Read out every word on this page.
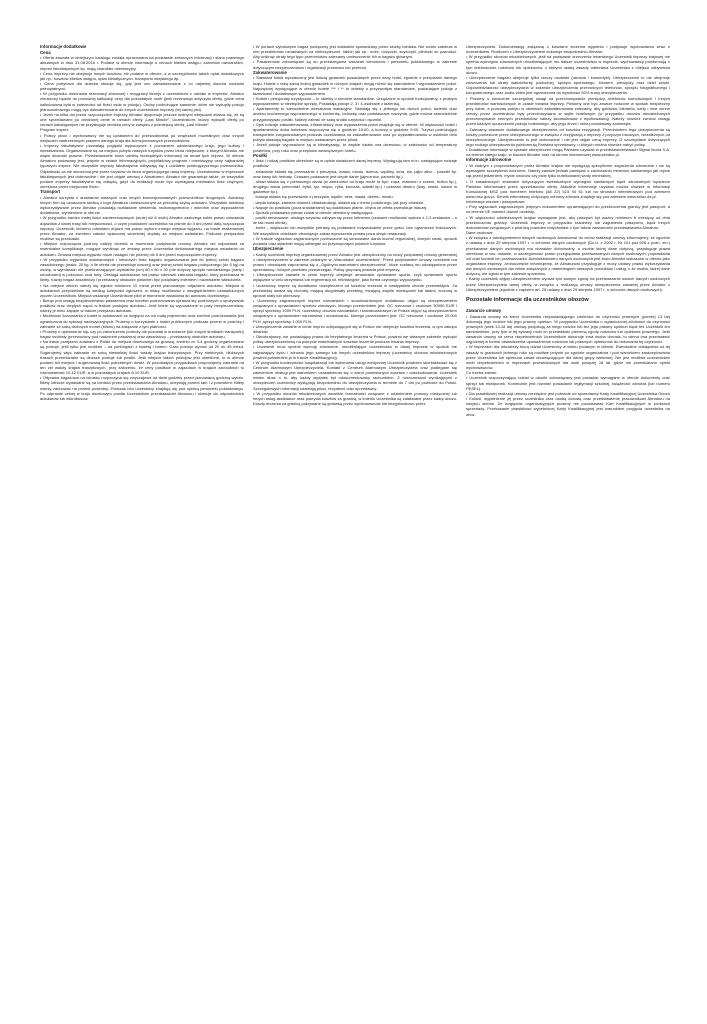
Informacje dodatkowe
Cena

• Oferta zawarta w niniejszym katalogu została opracowana na podstawie zebranych informacji i stanu prawnego aktualnych w dniu 31.08.2016 r. Podane w ofercie informacje o cenach biletów wstępu, karnetów narciarskich, imprez fakultatywnych itp. mają charakter orientacyjny.

• Cena imprezy nie obejmuje innych kosztów, niż podane w ofercie, a w szczególności takich opłat dodatkowych jak np.: kosztów biletów wstępu, opłat klimatycznych, transportu miejskiego itp.

• Cena pobytowa dla dziecka stosuje się, gdy jest ono zakwaterowane z co najmniej dwoma osobami pełnopłatnymi.

• W przypadku dokonania rezerwacji zbiorowej i rezygnacji którejś z uczestników z udziału w imprezie, Almatur zmuszony będzie do ponownej kalkulacji ceny dla pozostałych osób (jeśli rezerwacja dotyczyła oferty, gdzie cena kalkulowana była w zależności od ilości osób w pokoju). Osoby podróżujące samotnie, które nie wykupiły pokoju jednoosobowego mogą być dokwaterowane do innych uczestników imprezy (tej samej płci).

• Jeżeli na kilka dni przed rozpoczęciem imprezy Almatur dysponuje jeszcze wolnymi miejscami zdarza się, że są one sprzedawane po obniżonej cenie w ramach oferty „Last Minute”. Uczestnikom, którzy wykupili ofertę po cenach katalogowych nie przysługuje obniżka ceny w związku z późniejszą ofertą „Last Minute”.

Program imprez

• Polscy piloci i wychowawcy nie są uprawnieni do przewodnictwa po wnętrzach muzealnych oraz innych miejscach zastrzeżonych prawem danego kraju dla licencjonowanych przewodników.

• Imprezy fakultatywne pozwalają pogłębić wypoczynek z poznaniem odwiedzanego kraju, jego kultury i mieszkańców. Organizowane są na miejscu pobytu naszych turystów przez biura miejscowe, z którymi Almatur nie wiąże stosunki prawne. Przedstawiciele biura udzielą niezbędnych informacji na temat tych imprez. W ofercie Almaturu podawany jest, jedynie w celach informacyjnych, przykładowy program i orientacyjny ceny najbardziej typowych imprez. Nie wszystkie imprezy fakultatywne odbywają się z udziałem polskojęzycznego przewodnika. Odpłatność za nie wnoszona jest przez turystów do biura organizującego daną imprezę. Uczestnictwo w imprezach fakultatywnych jest dobrowolne i nie jest objęte umową z Almaturem. Almatur nie gwarantuje także, że wszystkie podane imprezy fakultatywne się odbędą, gdyż do realizacji może być wymagana minimalna ilość chętnych, określona przez miejscowe Biuro.

Transport

• Almatur korzysta z autokarów własnych oraz innych koncesjonowanych przewoźników drogowych. Autokary innych firm są oznaczone tablicą z logo Almaturu umieszczonym za przednią szybą autokaru. Wszystkie autokary wykorzystywane przez Almatur posiadają rozkładane siedzenia, radiomagnetofon i mikrofon oraz wyposażenie dodatkowe, wymienione w ofercie.

• W przypadku bardzo małej ilości zainteresowanych (mniej niż 6 osób) Almatur zastrzega sobie prawo odwołania dojazdów z danej trasy lub miejscowości, o czym powiadomi uczestnika na piśmie do 4 dni przed datą rozpoczęcia imprezy. Uczestnik, któremu odwołano dojazd ma prawo wyboru innego miejsca wyjazdu, na trasie realizowanej przez Almatur, za zwrotem całości wpłaconej wcześniej dopłaty za miejsce wsiadania. Podczas przejazdów możliwe są przesiadki.

• Miejsce rozpoczęcia podróży należy określić w momencie podpisania umowy. Almatur nie odpowiada za ewentualne komplikacje, mogące wyniknąć ze zmiany przez Uczestnika deklarowanego miejsca wsiadania do autokaru. Zmiana miejsca wyjazdu może nastąpić nie później niż 8 dni przed rozpoczęciem imprezy.

• W przypadku wyjazdów autokarowych i lotniczych ilość bagażu organizowana jest do jednej sztuki bagażu zasadniczego (maks. 20 kg, o ile oferta nie przewiduje inaczej) oraz jednej sztuki bagażu podręcznego (do 5 kg) na osobę, w wymiarach nie przekraczających wymiarów (cm) 80 x 50 x 30 (nie dotyczy sprzętu narciarskiego (narty i snowboard) w pokrowcu oraz buty. Obsługa autokarowe ma prawo odmówić zabrania bagażu, który przekracza te limity. Każdy bagaż zasadniczy i przekazany obsłudze powinien być podpisany imieniem i nazwiskiem właściciela.

• Na miejsce zbiórki należy się zgłosić minimum 10 minut przed planowanym odjazdem autokaru. Miejsca w autokarach przydzielane są według kolejności zgłoszeń, w miarę możliwości z uwzględnieniem uzasadnionych życzeń Uczestników. Miejsca wskazuje Uczestnikom pilot w momencie wsiadania do autokaru docelowego.

• Biorąc pod uwagę bezpieczeństwo pasażerów oraz komfort podróżowania uprasza się podróżnych o spożywanie posiłków oraz ciepłych napoi w trakcie postojów autokaru. Jeśli fotele są wyposażone w pasy bezpieczeństwa, należy je mieć zapięte w trakcie przejazdu autokaru.

• Możliwość korzystania z toalet w autokarach ze względu na ich małą pojemność oraz komfort podróżowania jest ograniczona do sytuacji nadzwyczajnych. Prosimy o korzystanie z toalet publicznych podczas przerw w podróży i zabranie ze sobą drobnych monet (bilonu) na związane z tym płatności.

• Prosimy o upewnienie się, czy po zakończeniu podróży nie pozostał w autokarze (lub innych środkach transportu) bagaż osobisty (przewożony pod nadzorem pasażera) oraz zasadniczy – przekazany obsłudze autokaru.

• Na trasie przejazdu autokaru z Polski do miejsca docelowego za granicą, średnio co 3-4 godziny organizowane są postoje, jeśli tylko jest możliwe – na parkingach z toaletą i barem. Czas postoju wynosi od 20 do 45 minut. Sugerujemy więc zabranie ze sobą niewielkiej ilości waluty krajów tranzytowych. Przy niektórych, dłuższych trasach przewidziane są dłuższe postoje lub posiłki. Jeśli miejsce takich postojów jest określone, to w ofercie podano ich miejsce i sugerowaną ilość potrzebnych dewiz. W pozostałych przypadkach proponujemy zabranie na ten cel waluty krajów tranzytowych, przy założeniu, że ceny posiłków w zajazdach w krajach zachodnich to równowartość 10-12 EUR, a w pozostałych krajach 8-10 EUR.

• Odprawa bagażowa na lotnisku rozpoczyna się zwyczajowo na dwie godziny przed planowaną godziną wylotu. Bilety lotnicze wydawane są na lotnisku przez przedstawiciela Almaturu, obejmują przelot tam i z powrotem. Bilety należy zachować na przelot powrotny. Podczas lotu uczestnicy znajdują się pod opieką personelu pokładowego. Po odprawie celnej w kraju docelowym powita Uczestników przedstawiciel Almaturu i skieruje do odpowiednich autokarów lub mikrobusów.

• W portach wylotowych bagaż podręczny jest dokładnie sprawdzany przez służby lotniska. Nie wolno zabierać w nim przedmiotów uznawanych za niebezpieczne, takich jak np.: noże, nożyczki, scyzoryki, pilniczki do paznokci. Aby uniknąć utraty tego typu przedmiotów zalecamy umieszczenie ich w bagażu głównym.

• Pasażerowie zobowiązani są do przestrzegania wskazań kierowców i personelu pokładowego w zakresie dotyczącym bezpieczeństwa i organizacji przewozu lub przelotu.

Zakwaterowanie

• Standard hoteli wyznaczony jest ilością gwiazdek posiadanych przez dany hotel, zgodnie z przepisami danego kraju. Hotele z taką samą liczbą gwiazdek w różnych krajach mogą różnić się standardem i wyposażeniem pokoi. Najczęściej występujące w ofercie hotele *** i ** to obiekty o przyzwoitym standardzie, posiadające pokoje z łazienkami i dodatkowym wyposażeniem.

• Hotele i pensjonaty turystyczne – to obiekty o średnim standardzie. Urządzone w sposób funkcjonalny, z prostym wyposażeniem w niezbędne sprzęty. Posiadają pokoje 2, 3 i 4-osobowe z łazienką.

• Apartamenty to samodzielne mieszkania wakacyjne. Składają się z jednego lub dwóch pokoi, łazienki oraz aneksu kuchennego wyposażonego w kuchenkę, lodówkę oraz podstawowe naczynia, gdzie można samodzielnie przygotowywać posiłki. Należy zabrać ze sobą środki czystości i ręczniki.

• Opis rodzaju zakwaterowania, infrastruktury oraz wyposażenia pokoi znajduje się w ofercie. W większości hoteli i apartamentów doba hotelowa rozpoczyna się o godzinie 15:00, a kończy o godzinie 9:00. Turyści podróżujący transportem zorganizowanym podczas oczekiwania na zakwaterowanie oraz po wykwaterowaniu w ostatnim dniu pobytu składają bagaże w miejscu wskazanym przez pilota.

• Jeżeli pokoje wyposażone są w klimatyzację, to zwykle działa ona okresowo, w zależności od temperatury powietrza, pory roku oraz przepisów wewnętrznych hotelu.

Posiłki

• Ilość i rodzaj posiłków określone są w opisie świadczeń danej imprezy. Występują tam m.in. następujące rodzaje posiłków:

- śniadanie składa się przeważnie z pieczywa, masła, miodu, dżemu, wędliny, sera, ew. jajko albo – pasztet itp. oraz kawy lub herbaty. Czasami podawane jest ciepłe danie (jajecznica, parówki itp.).

- obiad składa się z pierwszego dania (w zależności od kraju może to być: zupa, makaron z sosem, bulion itp.), drugiego dania (ziemniaki, frytki, ryż, mięso, ryba, kurczak, sałatki itp.) i czasami deseru (lody, ciasto, owoce w galaretce itp.),

- kolacja składa się przeważnie z pieczywa, wędlin, sera, masła, dżemu, miodu,

- ciepła kolacja, zawiera również obiadokolację, składa się z menu podobnego, jak przy obiedzie.

• Napoje do posiłków (poza śniadaniami) są dodatkowo płatne, chyba że oferta przewiduje inaczej.

• Sposób podawania potraw został w ofercie określony następująco:

- posiłki serwowane: obsługa turystów odbywa się przez kelnerów (czasami możliwość wyboru z 2-3 zestawów – o ile tak mówi oferta),

- bufet – większość lub wszystkie potrawy są podawane indywidualnie przez gości, bez ograniczeń ilościowych. We wszystkich obiektach obowiązuje zakaz wynoszenia potraw poza obręb restauracji.

• W trakcie wyjazdów zagranicznych przewożone są serwowane dania kuchni regionalnej, których smak, sposób podania oraz składniki mogą odbiegać od przyzwyczajeń polskich turystów.

Ubezpieczenie

• Każdy uczestnik imprezy organizowanej przez Almatur jest ubezpieczony na mocy podpisanej umowy generalnej z ubezpieczycielem w zakresie podanym w „Warunkach uczestnictwa”. Przed podpisaniem umowy uczestnik ma prawo i obowiązek zapoznania się z „Ogólnymi warunkami ubezpieczenia”, które zostaną mu udostępnione przez sprzedawcę i których powinien przestrzegać. Polisę grupową posiada pilot imprezy.

• Ubezpieczenie zawarte w cenie imprezy obejmuje amatorskie uprawianie sportu, czyli uprawianie sportu wyłącznie w celu utrzymania lub regeneracji sił, rekreacyjnie, jako forma czynnego wypoczynku.

• Uczestnicy imprez są dodatkowo ubezpieczeni od kosztów leczenia w następstwie chorób przewlekłych. Za przewlekłą uważa się chorobę mającą długotrwały przebieg, trwającą zwykle miesiącami lub latami, leczoną w sposób stały lub okresowy.

• Uczestnicy zagranicznych imprez narciarskich i snowboardowych dodatkowo objęci są ubezpieczeniem związanym z uprawianiem sportów zimowych, którego przedmiotem jest: OC rzeczowe i osobowe 30000 EUR i sprzęt sportowy 1000 PLN; uczestnicy obozów narciarskich i snowboardowych w Polsce objęci są ubezpieczeniem związanym z uprawianiem narciarstwa i snowboardu, którego przedmiotem jest: OC rzeczowe i osobowe 20.000 PLN ,sprzęt sportowy 1.000 PLN.

• Ubezpieczenie zawarte w cenie imprez odbywających się w Polsce nie obejmuje kosztów leczenia, w tym zakupu lekarstw.

• Obcokrajowcy, nie posiadający prawa do bezpłatnego leczenia w Polsce, powinni we własnym zakresie wykupić polisę ubezpieczeniową na pokrycie ewentualnych kosztów leczenia podczas trwania imprezy.

• Uczestnik musi spełnić wymogi zdrowotne, umożliwiające uczestnictwo w danej imprezie w sposób nie zagrażający życiu i zdrowiu jego samego lub innych uczestników imprezy (uczestnicy obozów młodzieżowych powinni potwierdzić je w Karcie Kwalifikacyjnej).

• W przypadku konieczności hospitalizacji lub wykonania usługi medycznej Uczestnik powinien skontaktować się z Centrum Alarmowym Ubezpieczyciela. Kontakt z Centrum Alarmowym Ubezpieczyciela oraz podlegane się zaleceniom obsługi jest warunkiem uzasadnienia się o zwrot poniesionych kosztów i odszkodowania. Uczestnik winien dbać o to, aby każdy wydatek był udokumentowany rachunkiem. Z roszczeniami wynikającymi z ubezpieczeń uczestnicy występują bezpośrednio do ubezpieczyciela w terminie do 7 dni po powrocie do Polski. Szczegółowych informacji udzielają piloci, rezydenci oraz sprzedawcy.

• W przypadku obozów młodzieżowych wszelkie formalności związane z udzieleniem pomocy medycznej lub innych usług assistance oraz pokrycia kosztów za granicą, w imieniu Uczestnika są załatwiane przez kadrę obozu. Koszty leczenia za granicą pokrywane są gotówką przez wychowawców lub bezgotówkowo przez

Ubezpieczyciela. Dokumentację związaną z kosztami leczenia wypełnia i podpisuje wychowawca wraz z uczestnikiem. Rozliczeń z Ubezpieczycielem dokonuje bezpośrednio Almatur.

• W przypadku obozów młodzieżowych, jeśli na podstawie orzeczenia lekarskiego Uczestnik imprezy krajowej nie spełnia wymogów zdrowotnych umożliwiających mu dalsze uczestnictwo w imprezie, wychowawcy poinformują o tym telefonicznie rodziców lub opiekunów, z którymi ustalą zasady odebrania Uczestnika z miejsca odbywania obozu.

• Ubezpieczenie bagażu obejmuje tylko rzeczy osobiste (ubrania i kosmetyki). Ubezpieczenie to nie obejmuje zniszczenia lub utraty walizki/torby podróżnej, sprzętu sportowego, biżuterii, pieniędzy oraz dzieł sztuki. Odpowiedzialność ubezpieczyciela w zakresie ubezpieczenia przenośnych telefonów, sprzętu fotograficznego i komputerowego oraz audio-video jest ograniczona do wysokości 50% sumy ubezpieczenia.

• Prosimy o zwrócenie szczególnej uwagi na przechowywanie pieniędzy, telefonów komórkowych i innych przedmiotów wartościowych w czasie trwania imprezy. Powinny one być zawsze noszone w sposób bezpieczny przy sobie, a podczas pobytu w obiektach zakwaterowania zalecamy, aby gotówka, biżuteria, karty i inne cenne rzeczy przez uczestników były przechowywane w sejfie hotelowym (w przypadku obozów młodzieżowych przechowywanie cennych przedmiotów należy skonsultować z wychowawcą). Należy również zwrócić uwagę przed każdym opuszczeniu pokoju hotelowego, aby jego drzwi i okna pozostawały zamknięte.

• Zalecamy zawarcie dodatkowego ubezpieczenia od kosztów rezygnacji. Przedmiotem tego ubezpieczenia są koszty poniesione przez ubezpieczonego w związku z rezygnacją z imprezy z przyczyn losowych, niezależnych od ubezpieczonego. Ubezpieczenie to jest dobrowolne i nie jest objęte ceną imprezy. O szczegółach dotyczących tego rodzaju ubezpieczenia poinformują Państwa sprzedawcy, u których można również nabyć polisę.

• Dodatkowe informacje w sprawie ubezpieczeń mogą Państwo uzyskać w przedstawicielstwach Signal Iduna S.A. na terenie całego kraju, w biurach Almatur oraz na stronie internetowej www.almatur.pl.

Informacje zdrowotne

• W żadnym z proponowanych przez Almatur krajów nie występują specyficzne zagrożenia zdrowotne i nie są wymagane szczepienia ochronne. Należy zawsze jednak pamiętać o zachowaniu minimum sanitarnego jak mycie rąk przed jedzeniem, mycie owoców czy picie tylko butelkowanej wody mineralnej.

• O zasadniczych zmianach dotyczących ewentualnych wymogów sanitarnych bądź zdrowotnych będziecie Państwo informowani przez sprzedawców oferty. Aktualne informacje uzyskać można również w Informacji Konsularnej MSZ pod numerem telefonu (48 22) 523 94 51 lub na stronach internetowych pod adresem www.msz.gov.pl. Serwis internetowy dotyczący ochrony zdrowia znajduje się pod adresem www.sidoz.ds.pl.

Informacje wizowe i paszportowe

• Przy wyjazdach zagranicznych jedynym dokumentem uprawniającym do przekroczenia granicy jest paszport, a na terenie UE również dowód osobisty.

• W większości odwiedzanych krajów wymagane jest, aby paszport był ważny minimum 6 miesięcy od dnia przekroczenia granicy. Uczestnik imprezy w przypadku kradzieży lub zagubienia paszportu, bądź innych dokumentów związanych z podróżą powinien natychmiast o tym fakcie zawiadomić przedstawiciela Almaturu.

Dane osobowe

• W związku z udostępnieniem danych osobowych Almaturowi do celów realizacji umowy informujemy, że zgodnie z ustawą z dnia 29 sierpnia 1997 r. o ochronie danych osobowych (Dz.U. z 2002 r. Nr 101 poz.926 z późn. zm.) przekazanie danych osobowych ma charakter dobrowolny, a osobie której dane dotyczą, przysługuje prawa określone w ww. ustawie, w szczególności prawo przeglądania przetwarzanych danych osobowych, poprawiania ich oraz kontroli ich przetwarzania. Administratorem danych osobowych jest biuro Almatur wskazane w ofercie jako organizator imprezy. Jednocześnie informujemy, że Almaturowi przysługuje z mocy ustawy prawo wykorzystania ww danych osobowych dla celów związanych z marketingiem własnych produktów i usług, o ile osoba, której dane dotyczą, nie zgłosi w tym zakresie sprzeciwu.

• Każdy uczestnik objęty ubezpieczeniem wyraża tym samym zgodę na przetwarzanie swoich danych osobowych przez Ubezpieczyciela danej oferty, w związku z realizacją umowy ubezpieczenia zawartej przez Almatur z Ubezpieczycielem (zgodnie z zapisem art. 25 ustawy z dnia 29 sierpnia 1997 r. o ochronie danych osobowych).

Pozostałe informacje dla uczestników obozów
Zawarcie umowy

• Zawarcia umowy na rzecz Uczestnika nieposiadającego zdolności do czynności prawnych (poniżej 13 lat) dokonują jego rodzice lub jego prawny opiekun. W przypadku Uczestnika o ograniczonej zdolności do czynności prawnych (wiek 13-18 lat) umowę podpisują za niego rodzice lub też jego prawny opiekun bądź też Uczestnik ten samodzielnie, przy tym w tej sytuacji musi on przedstawić pisemną zgodę rodziców lub opiekuna prawnego. Jeśli zawarcia umowy na rzecz niepełnoletnich Uczestników dokonuje inna osoba dorosła, to winna ona przedstawić najpóźniej w formie oświadczenia upoważnienie rodziców lub prawnych opiekunów do dokonania tej czynności.

• W imprezach dla młodzieży biorą udział Uczestnicy w wieku podanym w ofercie. Ewentualne odstępstwa od tej zasady w granicach jednego roku są możliwe jedynie po zgodzie organizatora i pod warunkiem zaakceptowania przez Uczestnika lub opiekuna zasad obowiązujących dla danej grupy wiekowej. Nie jest możliwe uczestnictwo osób niepełnoletnich w imprezach przewidzianych dla osób powyżej 18 lat, gdzie nie przewidziano opieki wychowawców.

Co trzeba zabrać

• Uczestnik rozpoczynający udział w obozie zobowiązany jest posiadać wymagane w ofercie dokumenty oraz sprzęt lub ekwipunek. Koniecznie jest również posiadanie legitymacji szkolnej, książeczki zdrowia (lub numeru PESEL).

• Dla prawidłowej realizacji umowy niezbędne jest pobranie od sprzedawcy Karty Kwalifikacyjnej Uczestnika Obozu / Kolonii, wypełnienie jej przez uczestnika oraz osobę dorosłą oraz przedstawienie pracownikowi Almaturu na miejscu zbiórki. Ze względów organizacyjnych prosimy nie pozostawiać Kart Kwalifikacyjnych w punktach sprzedaży. Przekazanie prawidłowo wypełnionej Karty Kwalifikacyjnej jest warunkiem przyjęcia uczestnika na obóz.
